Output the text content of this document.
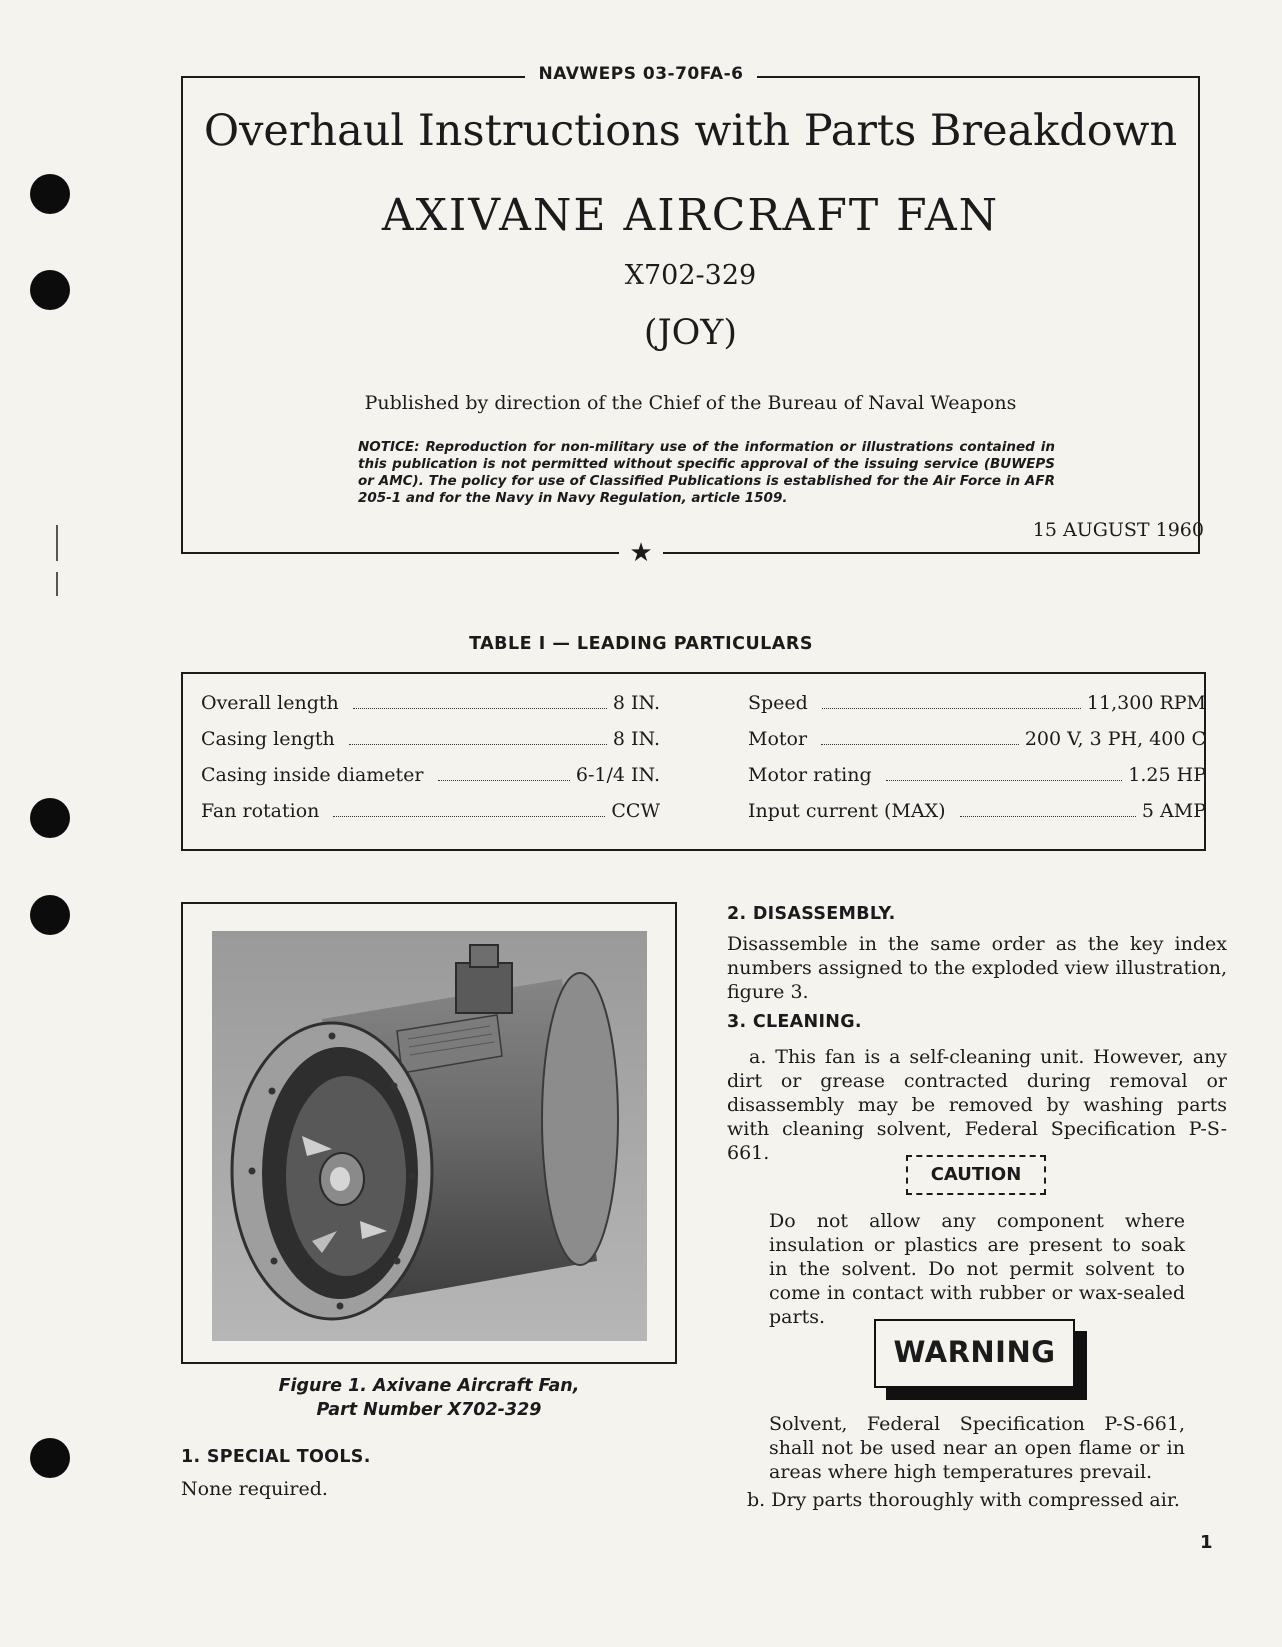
NAVWEPS 03-70FA-6
Overhaul Instructions with Parts Breakdown
AXIVANE AIRCRAFT FAN
X702-329
(JOY)
Published by direction of the Chief of the Bureau of Naval Weapons
NOTICE: Reproduction for non-military use of the information or illustrations contained in this publication is not permitted without specific approval of the issuing service (BUWEPS or AMC). The policy for use of Classified Publications is established for the Air Force in AFR 205-1 and for the Navy in Navy Regulation, article 1509.
15 AUGUST 1960
★
TABLE I — LEADING PARTICULARS
Overall length	8 IN.
Casing length	8 IN.
Casing inside diameter	6-1/4 IN.
Fan rotation	CCW
Speed	11,300 RPM
Motor	200 V, 3 PH, 400 C
Motor rating	1.25 HP
Input current (MAX)	5 AMP
Figure 1. Axivane Aircraft Fan,
Part Number X702-329
1. SPECIAL TOOLS.
None required.
2. DISASSEMBLY.
Disassemble in the same order as the key index numbers assigned to the exploded view illustration, figure 3.
3. CLEANING.
a. This fan is a self-cleaning unit. However, any dirt or grease contracted during removal or disassembly may be removed by washing parts with cleaning solvent, Federal Specification P-S-661.
CAUTION
Do not allow any component where insulation or plastics are present to soak in the solvent. Do not permit solvent to come in contact with rubber or wax-sealed parts.
WARNING
Solvent, Federal Specification P-S-661, shall not be used near an open flame or in areas where high temperatures prevail.
b. Dry parts thoroughly with compressed air.
1
